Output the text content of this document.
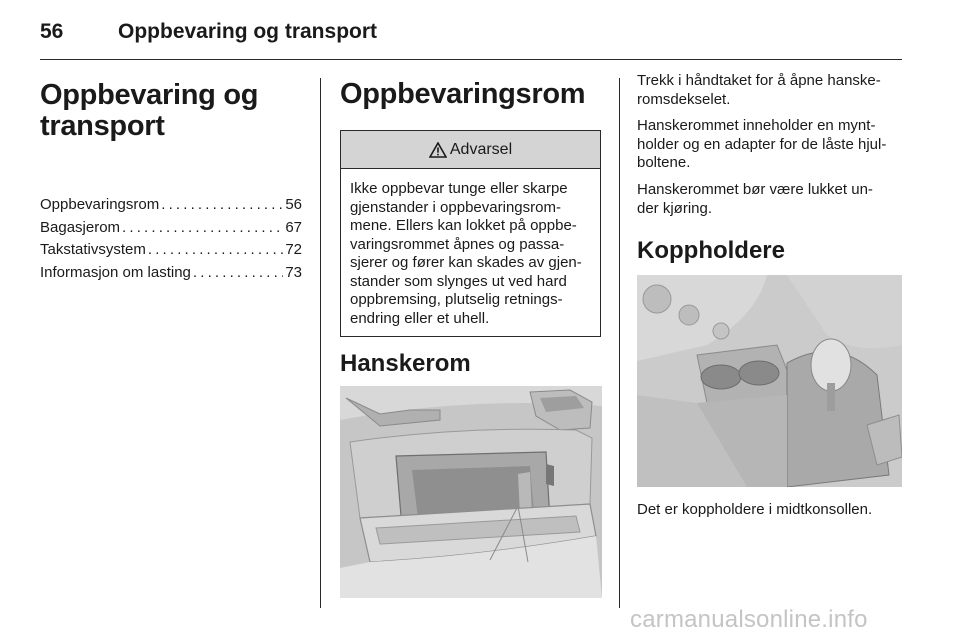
56	Oppbevaring og transport
Oppbevaring og transport
Oppbevaringsrom . . .	56
Bagasjerom . . .	67
Takstativsystem . . .	72
Informasjon om lasting . . .	73
Oppbevaringsrom
Advarsel
Ikke oppbevar tunge eller skarpe
gjenstander i oppbevaringsrom-
mene. Ellers kan lokket på oppbe-
varingsrommet åpnes og passa-
sjerer og fører kan skades av gjen-
stander som slynges ut ved hard
oppbremsing, plutselig retnings-
endring eller et uhell.
Hanskerom
Trekk i håndtaket for å åpne hanske-
romsdekselet.
Hanskerommet inneholder en mynt-
holder og en adapter for de låste hjul-
boltene.
Hanskerommet bør være lukket un-
der kjøring.
Koppholdere
Det er koppholdere i midtkonsollen.
carmanualsonline.info
